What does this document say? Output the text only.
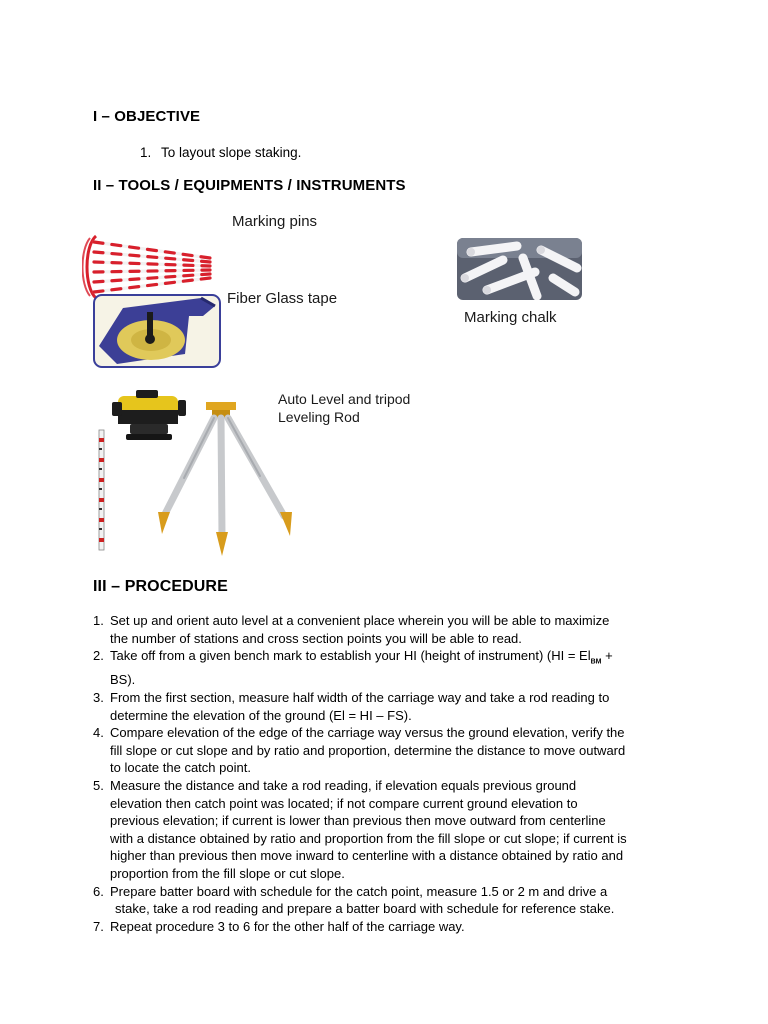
I – OBJECTIVE
1. To layout slope staking.
II – TOOLS / EQUIPMENTS / INSTRUMENTS
Marking pins
Fiber Glass tape
Marking chalk
Auto Level and tripod
Leveling Rod
III – PROCEDURE
1. Set up and orient auto level at a convenient place wherein you will be able to maximize
the number of stations and cross section points you will be able to read.
2. Take off from a given bench mark to establish your HI (height of instrument) ($HI = El_{BM}$ +
BS).
3. From the first section, measure half width of the carriage way and take a rod reading to
determine the elevation of the ground (El = HI – FS).
4. Compare elevation of the edge of the carriage way versus the ground elevation, verify the
fill slope or cut slope and by ratio and proportion, determine the distance to move outward
to locate the catch point.
5. Measure the distance and take a rod reading, if elevation equals previous ground
elevation then catch point was located; if not compare current ground elevation to
previous elevation; if current is lower than previous then move outward from centerline
with a distance obtained by ratio and proportion from the fill slope or cut slope; if current is
higher than previous then move inward to centerline with a distance obtained by ratio and
proportion from the fill slope or cut slope.
6. Prepare batter board with schedule for the catch point, measure 1.5 or 2 m and drive a
stake, take a rod reading and prepare a batter board with schedule for reference stake.
7. Repeat procedure 3 to 6 for the other half of the carriage way.
